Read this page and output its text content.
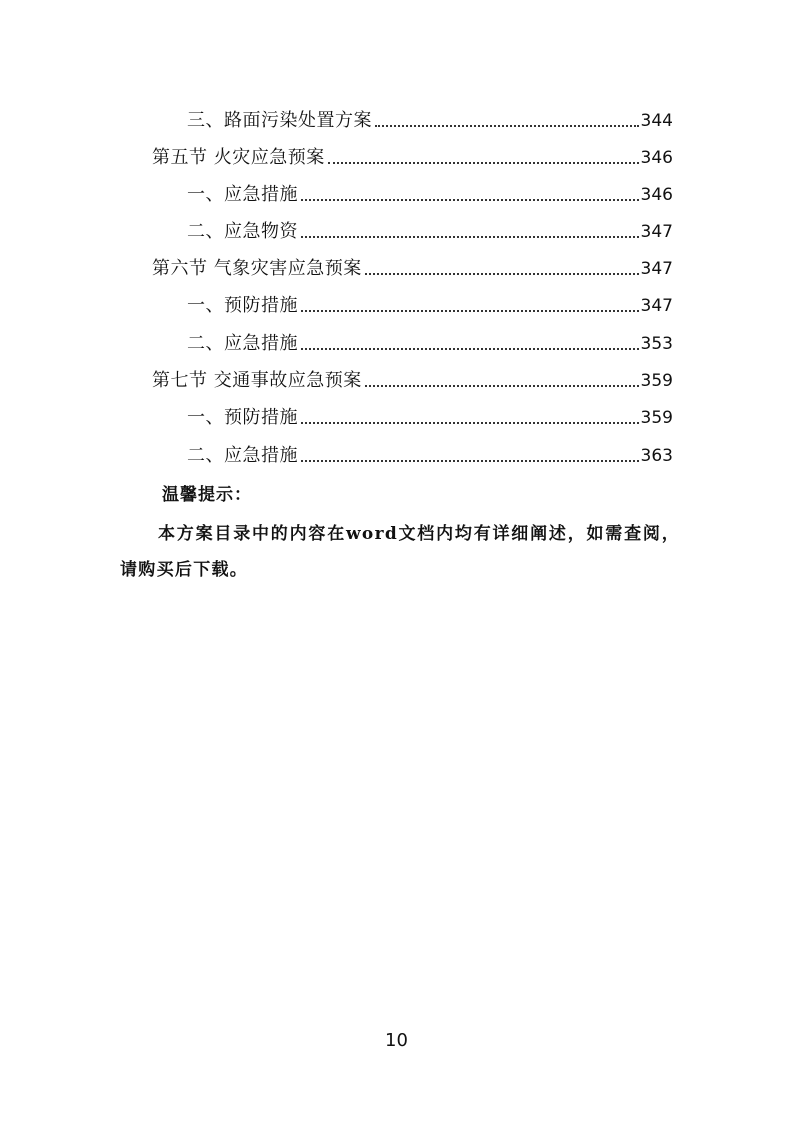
三、路面污染处置方案	344
第五节 火灾应急预案	346
一、应急措施	346
二、应急物资	347
第六节 气象灾害应急预案	347
一、预防措施	347
二、应急措施	353
第七节 交通事故应急预案	359
一、预防措施	359
二、应急措施	363
温馨提示：
本方案目录中的内容在word文档内均有详细阐述，如需查阅，请购买后下载。
10
